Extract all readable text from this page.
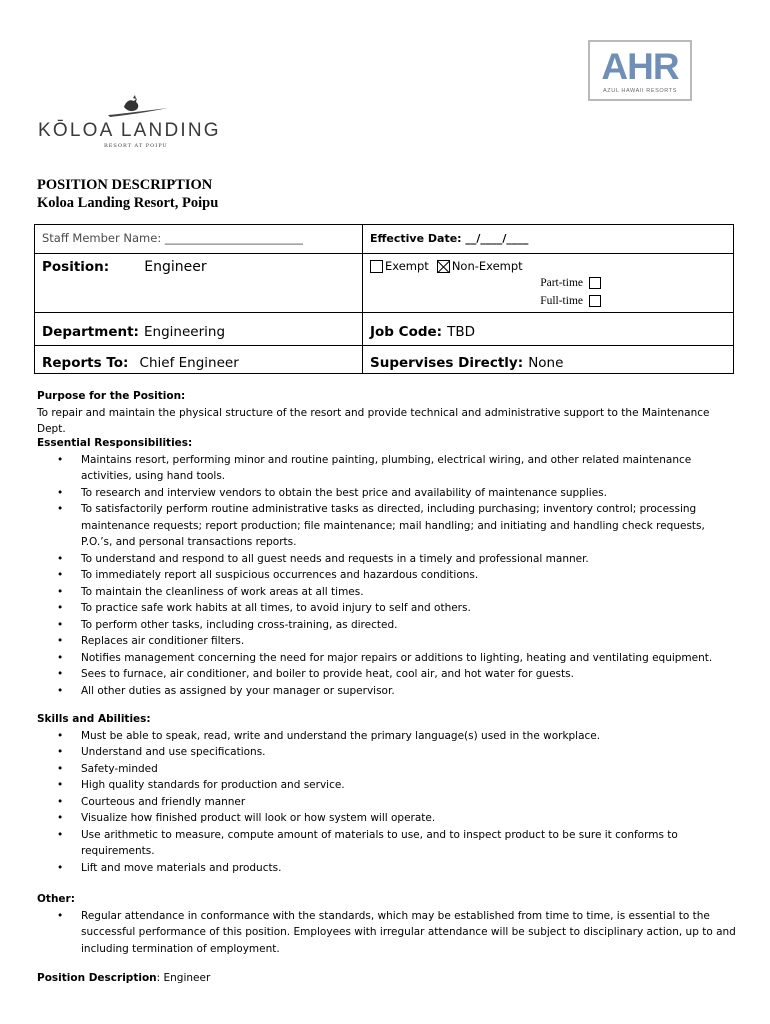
KŌLOA LANDING
RESORT AT POIPU
AHR
AZUL HAWAII RESORTS
POSITION DESCRIPTION
Koloa Landing Resort, Poipu
Staff Member Name: ________________________	Effective Date: __/____/____
Position: Engineer	Exempt Non-Exempt
Part-time
Full-time

Department: Engineering	Job Code: TBD
Reports To: Chief Engineer	Supervises Directly: None
Purpose for the Position:
To repair and maintain the physical structure of the resort and provide technical and administrative support to the Maintenance Dept.
Essential Responsibilities:
• Maintains resort, performing minor and routine painting, plumbing, electrical wiring, and other related maintenance activities, using hand tools.
• To research and interview vendors to obtain the best price and availability of maintenance supplies.
• To satisfactorily perform routine administrative tasks as directed, including purchasing; inventory control; processing maintenance requests; report production; file maintenance; mail handling; and initiating and handling check requests, P.O.’s, and personal transactions reports.
• To understand and respond to all guest needs and requests in a timely and professional manner.
• To immediately report all suspicious occurrences and hazardous conditions.
• To maintain the cleanliness of work areas at all times.
• To practice safe work habits at all times, to avoid injury to self and others.
• To perform other tasks, including cross-training, as directed.
• Replaces air conditioner filters.
• Notifies management concerning the need for major repairs or additions to lighting, heating and ventilating equipment.
• Sees to furnace, air conditioner, and boiler to provide heat, cool air, and hot water for guests.
• All other duties as assigned by your manager or supervisor.
Skills and Abilities:
• Must be able to speak, read, write and understand the primary language(s) used in the workplace.
• Understand and use specifications.
• Safety-minded
• High quality standards for production and service.
• Courteous and friendly manner
• Visualize how finished product will look or how system will operate.
• Use arithmetic to measure, compute amount of materials to use, and to inspect product to be sure it conforms to requirements.
• Lift and move materials and products.
Other:
• Regular attendance in conformance with the standards, which may be established from time to time, is essential to the successful performance of this position. Employees with irregular attendance will be subject to disciplinary action, up to and including termination of employment.
Position Description: Engineer
